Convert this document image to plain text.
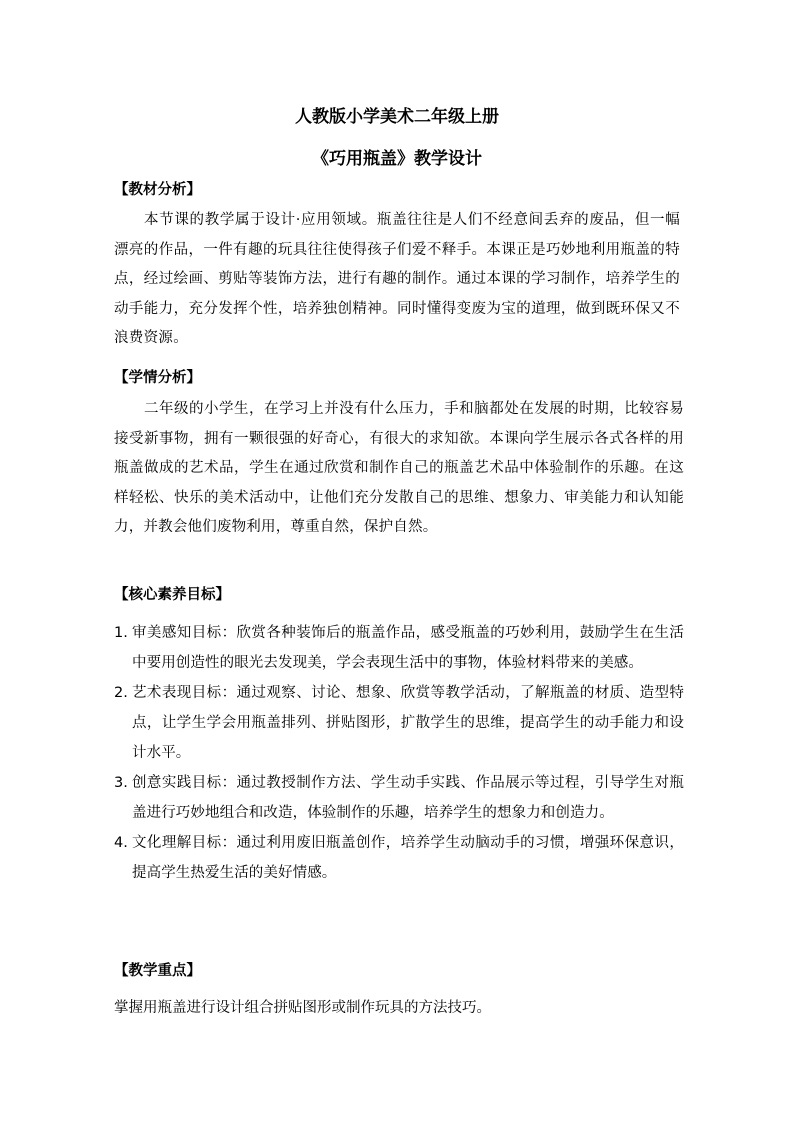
人教版小学美术二年级上册
《巧用瓶盖》教学设计
【教材分析】
本节课的教学属于设计·应用领域。瓶盖往往是人们不经意间丢弃的废品，但一幅漂亮的作品，一件有趣的玩具往往使得孩子们爱不释手。本课正是巧妙地利用瓶盖的特点，经过绘画、剪贴等装饰方法，进行有趣的制作。通过本课的学习制作，培养学生的动手能力，充分发挥个性，培养独创精神。同时懂得变废为宝的道理，做到既环保又不浪费资源。
【学情分析】
二年级的小学生，在学习上并没有什么压力，手和脑都处在发展的时期，比较容易 接受新事物，拥有一颗很强的好奇心，有很大的求知欲。本课向学生展示各式各样的用瓶盖做成的艺术品，学生在通过欣赏和制作自己的瓶盖艺术品中体验制作的乐趣。在这 样轻松、快乐的美术活动中，让他们充分发散自己的思维、想象力、审美能力和认知能力，并教会他们废物利用，尊重自然，保护自然。
【核心素养目标】
1. 审美感知目标：欣赏各种装饰后的瓶盖作品，感受瓶盖的巧妙利用，鼓励学生在生活中要用创造性的眼光去发现美，学会表现生活中的事物，体验材料带来的美感。
2. 艺术表现目标：通过观察、讨论、想象、欣赏等教学活动，了解瓶盖的材质、造型特点，让学生学会用瓶盖排列、拼贴图形，扩散学生的思维，提高学生的动手能力和设计水平。
3. 创意实践目标：通过教授制作方法、学生动手实践、作品展示等过程，引导学生对瓶盖进行巧妙地组合和改造，体验制作的乐趣，培养学生的想象力和创造力。
4. 文化理解目标：通过利用废旧瓶盖创作，培养学生动脑动手的习惯，增强环保意识，提高学生热爱生活的美好情感。
【教学重点】
掌握用瓶盖进行设计组合拼贴图形或制作玩具的方法技巧。
